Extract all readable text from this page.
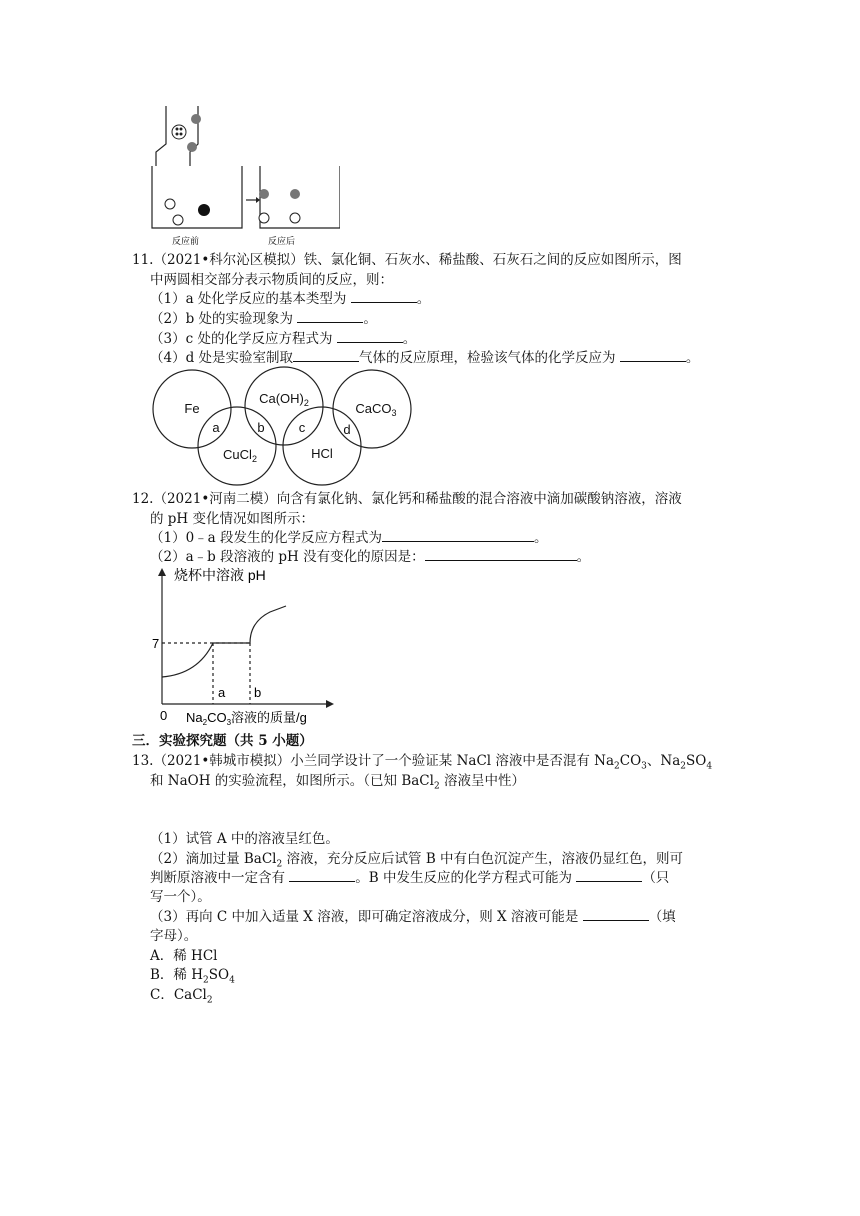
反应前	反应后
11.（2021•科尔沁区模拟）铁、氯化铜、石灰水、稀盐酸、石灰石之间的反应如图所示，图
中两圆相交部分表示物质间的反应，则：
（1）a 处化学反应的基本类型为	。
（2）b 处的实验现象为	。
（3）c 处的化学反应方程式为	。
（4）d 处是实验室制取	气体的反应原理，检验该气体的化学反应为	。
Fe
$Ca(OH)_2$	CaCO$_3$
CuCl$_2$	HCl
a	b	c	d
12.（2021•河南二模）向含有氯化钠、氯化钙和稀盐酸的混合溶液中滴加碳酸钠溶液，溶液
的 pH 变化情况如图所示：
（1）0﹣a 段发生的化学反应方程式为	。
（2）a﹣b 段溶液的 pH 没有变化的原因是：	。
烧杯中溶液 pH
7
0
a b
$Na_2CO_3$溶液的质量/g
三．实验探究题（共 5 小题）
13.（2021•韩城市模拟）小兰同学设计了一个验证某 NaCl 溶液中是否混有 $Na_2CO_3$、$Na_2SO_4$
和 NaOH 的实验流程，如图所示。（已知 BaCl$_2$ 溶液呈中性）
（1）试管 A 中的溶液呈红色。
（2）滴加过量 BaCl$_2$ 溶液，充分反应后试管 B 中有白色沉淀产生，溶液仍显红色，则可
判断原溶液中一定含有	。B 中发生反应的化学方程式可能为	（只
写一个）。
（3）再向 C 中加入适量 X 溶液，即可确定溶液成分，则 X 溶液可能是	（填
字母）。
A．稀 HCl
B．稀 $H_2SO_4$
C．CaCl$_2$
